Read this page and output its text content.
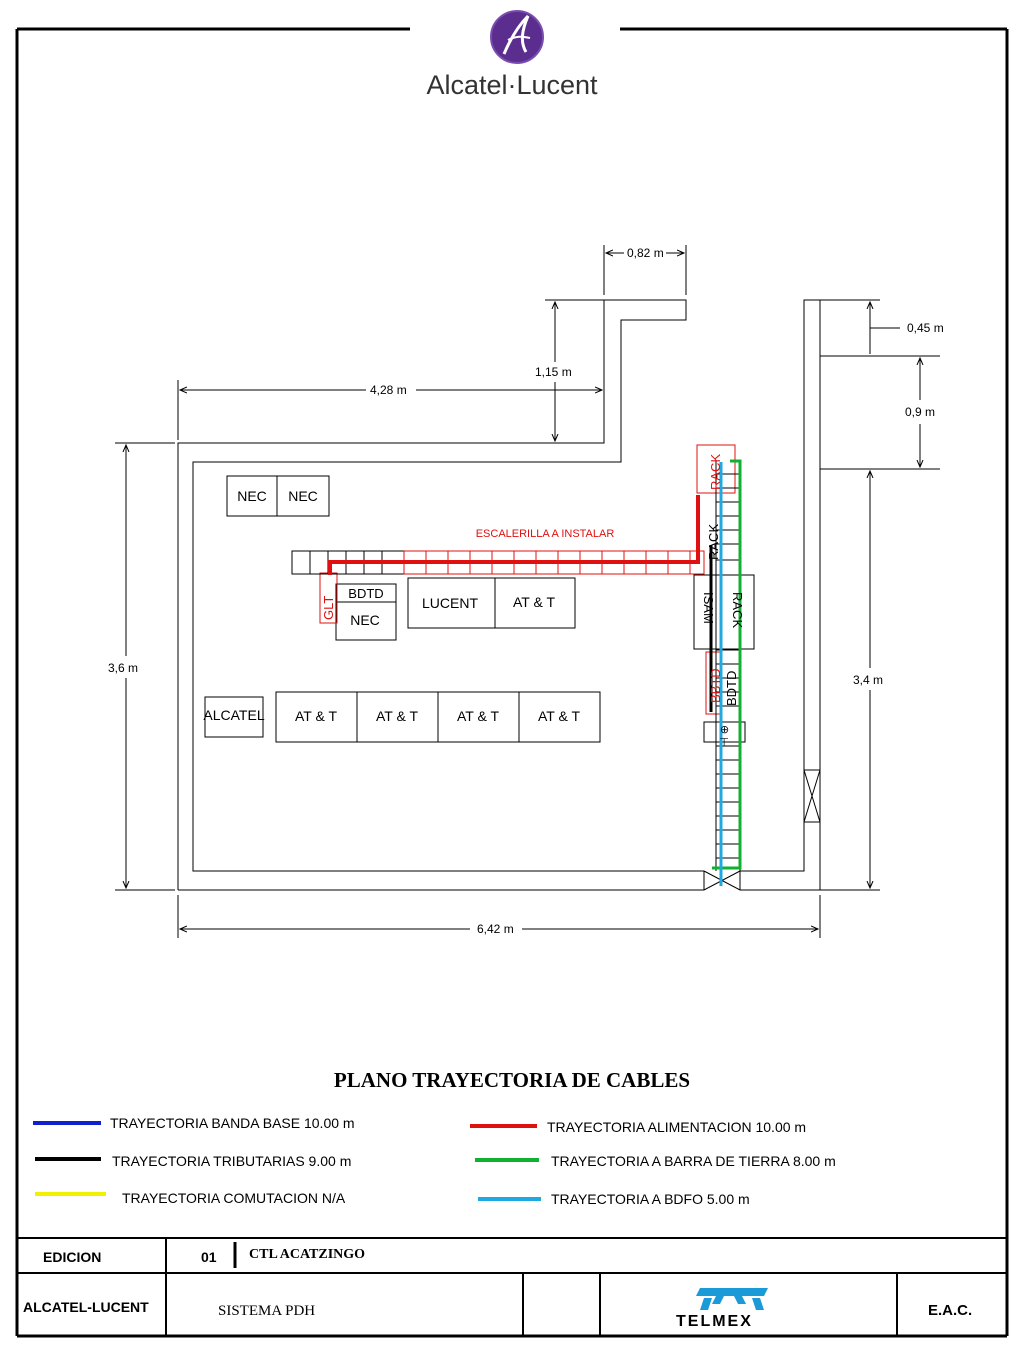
0,82 m
0,45 m
1,15 m
4,28 m
0,9 m
3,6 m
3,4 m
6,42 m
NEC NEC
BDTD
NEC
LUCENT AT & T
ALCATEL AT & T	AT & T	AT & T	AT & T
ESCALERILLA A INSTALAR
GLT
RACK
RACK
ISAM RACK
BBTD BDTD
⊣ ⊕
Alcatel·Lucent
PLANO TRAYECTORIA DE CABLES
TRAYECTORIA BANDA BASE 10.00 m
TRAYECTORIA TRIBUTARIAS 9.00 m
TRAYECTORIA COMUTACION N/A
TRAYECTORIA ALIMENTACION 10.00 m
TRAYECTORIA A BARRA DE TIERRA 8.00 m
TRAYECTORIA A BDFO 5.00 m
EDICION	01 CTL ACATZINGO
ALCATEL-LUCENT	SISTEMA PDH
TELMEX
E.A.C.
